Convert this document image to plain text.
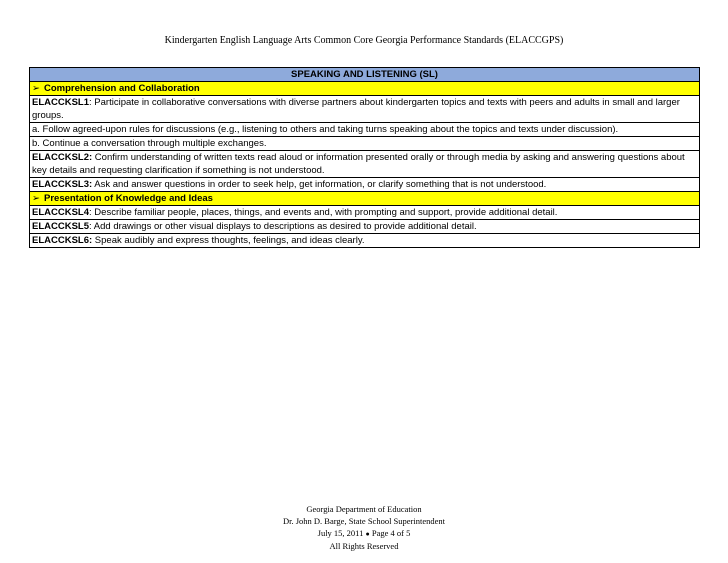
Kindergarten English Language Arts Common Core Georgia Performance Standards (ELACCGPS)
SPEAKING AND LISTENING (SL)
➢ Comprehension and Collaboration
ELACCKSL1: Participate in collaborative conversations with diverse partners about kindergarten topics and texts with peers and adults in small and larger groups.
a. Follow agreed-upon rules for discussions (e.g., listening to others and taking turns speaking about the topics and texts under discussion).
b. Continue a conversation through multiple exchanges.
ELACCKSL2: Confirm understanding of written texts read aloud or information presented orally or through media by asking and answering questions about key details and requesting clarification if something is not understood.
ELACCKSL3: Ask and answer questions in order to seek help, get information, or clarify something that is not understood.
➢ Presentation of Knowledge and Ideas
ELACCKSL4: Describe familiar people, places, things, and events and, with prompting and support, provide additional detail.
ELACCKSL5: Add drawings or other visual displays to descriptions as desired to provide additional detail.
ELACCKSL6: Speak audibly and express thoughts, feelings, and ideas clearly.
Georgia Department of Education
Dr. John D. Barge, State School Superintendent
July 15, 2011 ● Page 4 of 5
All Rights Reserved
